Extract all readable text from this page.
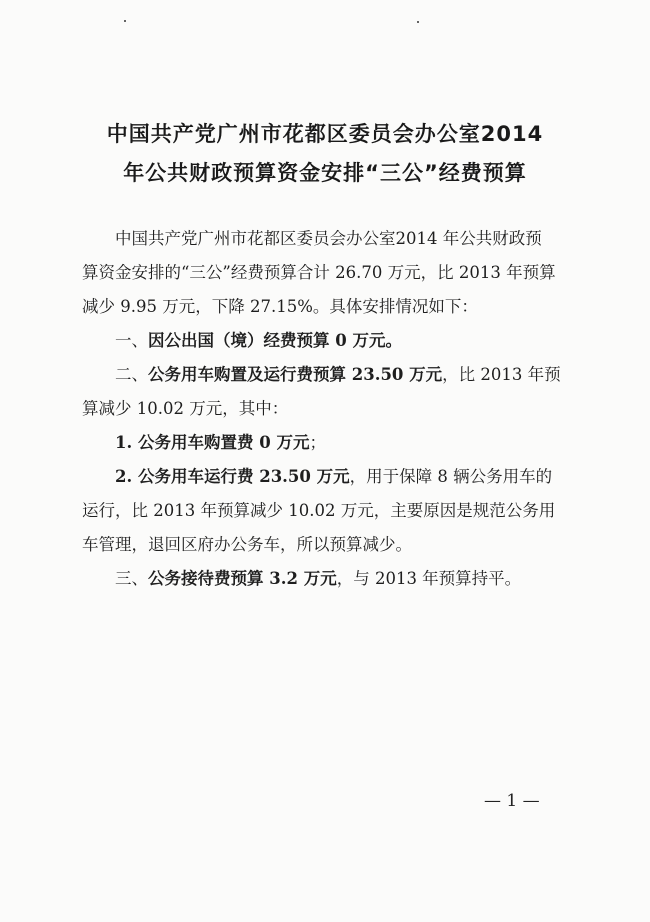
中国共产党广州市花都区委员会办公室2014
年公共财政预算资金安排“三公”经费预算
中国共产党广州市花都区委员会办公室2014 年公共财政预
算资金安排的“三公”经费预算合计 26.70 万元，比 2013 年预算
减少 9.95 万元，下降 27.15%。具体安排情况如下：
一、因公出国（境）经费预算 0 万元。
二、公务用车购置及运行费预算 23.50 万元，比 2013 年预
算减少 10.02 万元，其中：
1. 公务用车购置费 0 万元；
2. 公务用车运行费 23.50 万元，用于保障 8 辆公务用车的
运行，比 2013 年预算减少 10.02 万元，主要原因是规范公务用
车管理，退回区府办公务车，所以预算减少。
三、公务接待费预算 3.2 万元，与 2013 年预算持平。
— 1 —
